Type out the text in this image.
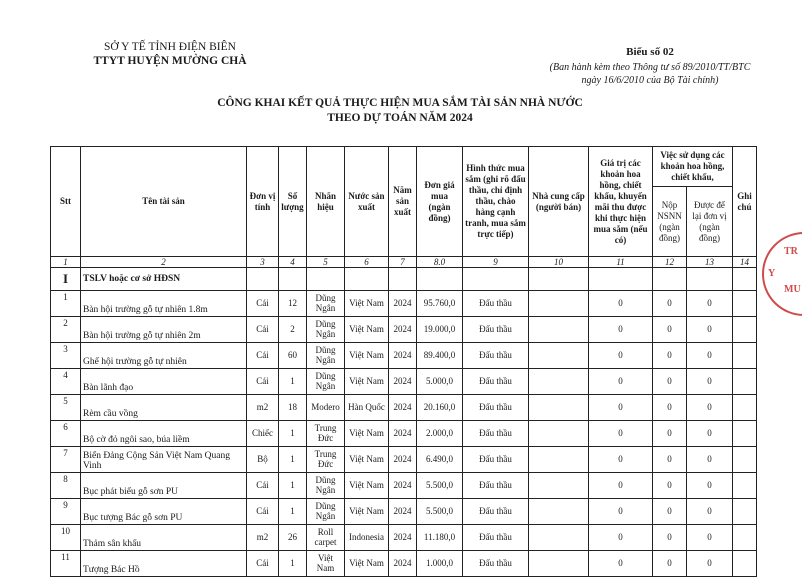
SỞ Y TẾ TỈNH ĐIỆN BIÊN
TTYT HUYỆN MƯỜNG CHÀ
Biểu số 02
(Ban hành kèm theo Thông tư số 89/2010/TT/BTC
ngày 16/6/2010 của Bộ Tài chính)
CÔNG KHAI KẾT QUẢ THỰC HIỆN MUA SẮM TÀI SẢN NHÀ NƯỚC
THEO DỰ TOÁN NĂM 2024
Stt	Tên tài sản	Đơn vị tính	Số lượng	Nhãn hiệu	Nước sản xuất	Năm sản xuất	Đơn giá mua (ngàn đồng)	Hình thức mua sắm (ghi rõ đấu thầu, chỉ định thầu, chào hàng cạnh tranh, mua sắm trực tiếp)	Nhà cung cấp (người bán)	Giá trị các khoản hoa hồng, chiết khấu, khuyến mãi thu được khi thực hiện mua sắm (nếu có)	Việc sử dụng các khoản hoa hồng, chiết khấu,		Ghi chú
											Nộp NSNN (ngàn đồng)	Được để lại đơn vị (ngàn đồng)	
1	2	3	4	5	6	7	8.0	9	10	11	12	13	14
I	TSLV hoặc cơ sở HĐSN												
1	Bàn hội trường gỗ tự nhiên 1.8m	Cái	12	Dũng Ngân	Việt Nam	2024	95.760,0	Đấu thầu		0	0	0	
2	Bàn hội trường gỗ tự nhiên 2m	Cái	2	Dũng Ngân	Việt Nam	2024	19.000,0	Đấu thầu		0	0	0	
3	Ghế hội trường gỗ tự nhiên	Cái	60	Dũng Ngân	Việt Nam	2024	89.400,0	Đấu thầu		0	0	0	
4	Bàn lãnh đạo	Cái	1	Dũng Ngân	Việt Nam	2024	5.000,0	Đấu thầu		0	0	0	
5	Rèm cầu vồng	m2	18	Modero	Hàn Quốc	2024	20.160,0	Đấu thầu		0	0	0	
6	Bộ cờ đỏ ngôi sao, búa liềm	Chiếc	1	Trung Đức	Việt Nam	2024	2.000,0	Đấu thầu		0	0	0	
7	Biển Đảng Cộng Sản Việt Nam Quang Vinh	Bộ	1	Trung Đức	Việt Nam	2024	6.490,0	Đấu thầu		0	0	0	
8	Bục phát biểu gỗ sơn PU	Cái	1	Dũng Ngân	Việt Nam	2024	5.500,0	Đấu thầu		0	0	0	
9	Bục tượng Bác gỗ sơn PU	Cái	1	Dũng Ngân	Việt Nam	2024	5.500,0	Đấu thầu		0	0	0	
10	Thảm sân khấu	m2	26	Roll carpet	Indonesia	2024	11.180,0	Đấu thầu		0	0	0	
11	Tượng Bác Hồ	Cái	1	Việt Nam	Việt Nam	2024	1.000,0	Đấu thầu		0	0	0	
TR
Y
MU
